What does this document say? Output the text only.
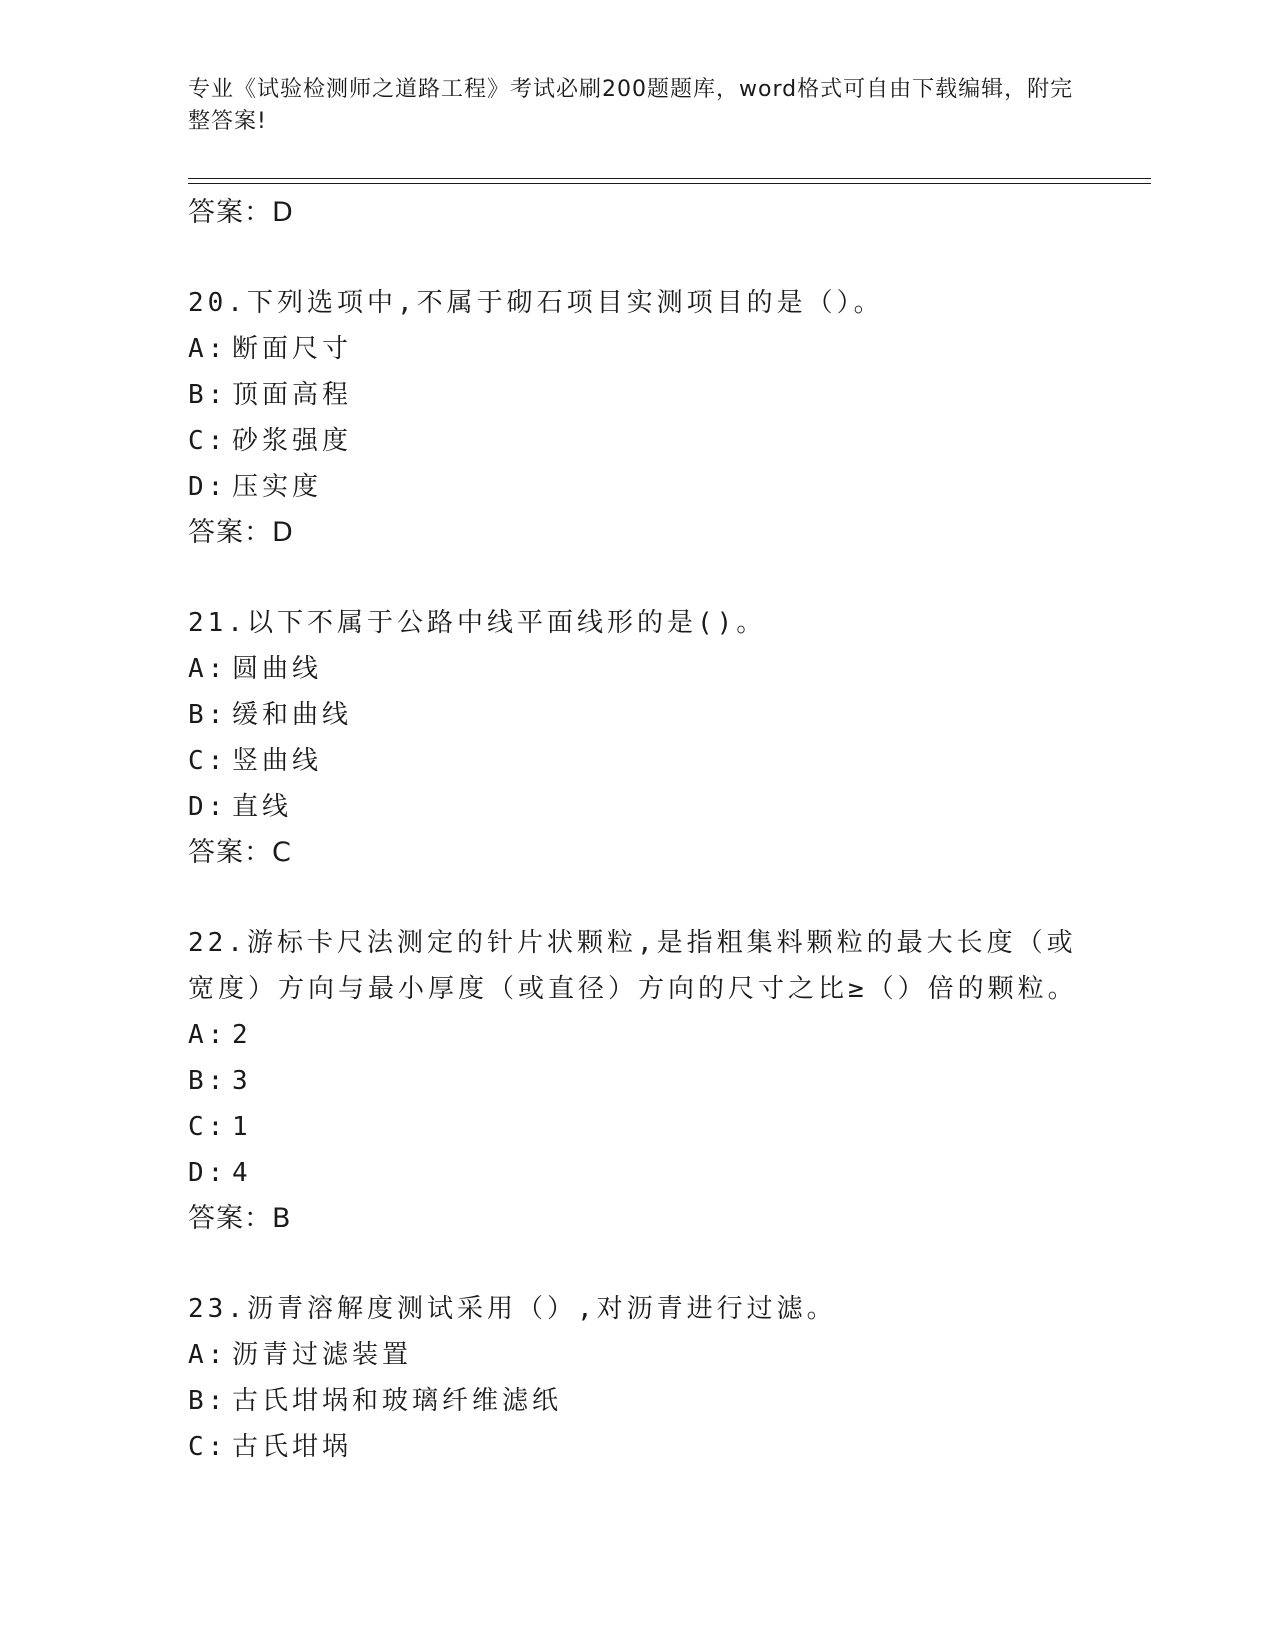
专业《试验检测师之道路工程》考试必刷200题题库，word格式可自由下载编辑，附完整答案!
答案：D
20.下列选项中,不属于砌石项目实测项目的是（）。
A: 断面尺寸
B: 顶面高程
C: 砂浆强度
D: 压实度
答案：D
21.以下不属于公路中线平面线形的是()。
A: 圆曲线
B: 缓和曲线
C: 竖曲线
D: 直线
答案：C
22.游标卡尺法测定的针片状颗粒,是指粗集料颗粒的最大长度（或宽度）方向与最小厚度（或直径）方向的尺寸之比≥（）倍的颗粒。
A: 2
B: 3
C: 1
D: 4
答案：B
23.沥青溶解度测试采用（）,对沥青进行过滤。
A: 沥青过滤装置
B: 古氏坩埚和玻璃纤维滤纸
C: 古氏坩埚
